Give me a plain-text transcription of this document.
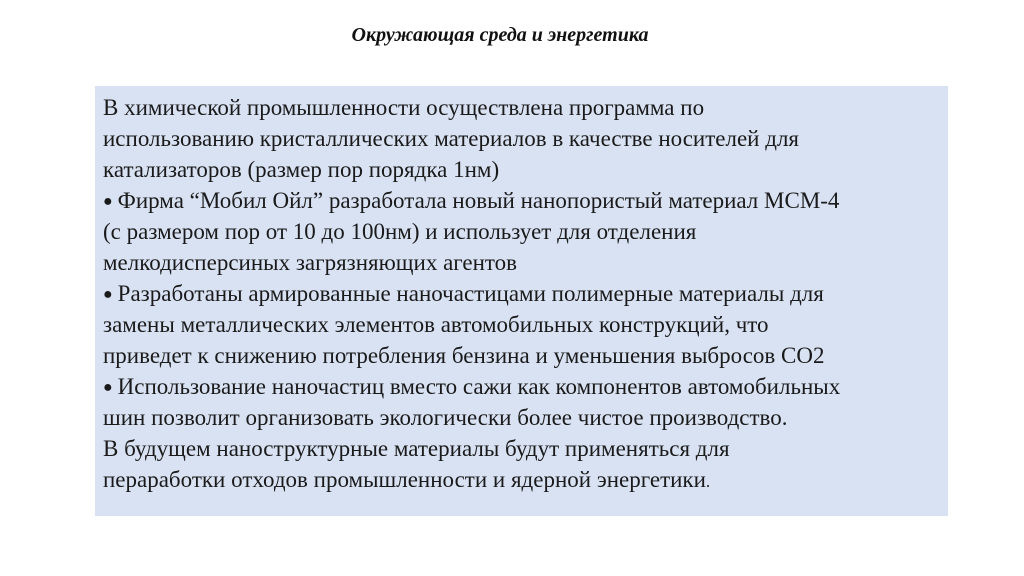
Окружающая среда и энергетика
В химической промышленности осуществлена программа по
использованию кристаллических материалов в качестве носителей для
катализаторов (размер пор порядка 1нм)
● Фирма “Мобил Ойл” разработала новый нанопористый материал МСМ-4
(с размером пор от 10 до 100нм) и использует для отделения
мелкодисперсиных загрязняющих агентов
● Разработаны армированные наночастицами полимерные материалы для
замены металлических элементов автомобильных конструкций, что
приведет к снижению потребления бензина и уменьшения выбросов CO2
● Использование наночастиц вместо сажи как компонентов автомобильных
шин позволит организовать экологически более чистое производство.
В будущем наноструктурные материалы будут применяться для
пераработки отходов промышленности и ядерной энергетики.
